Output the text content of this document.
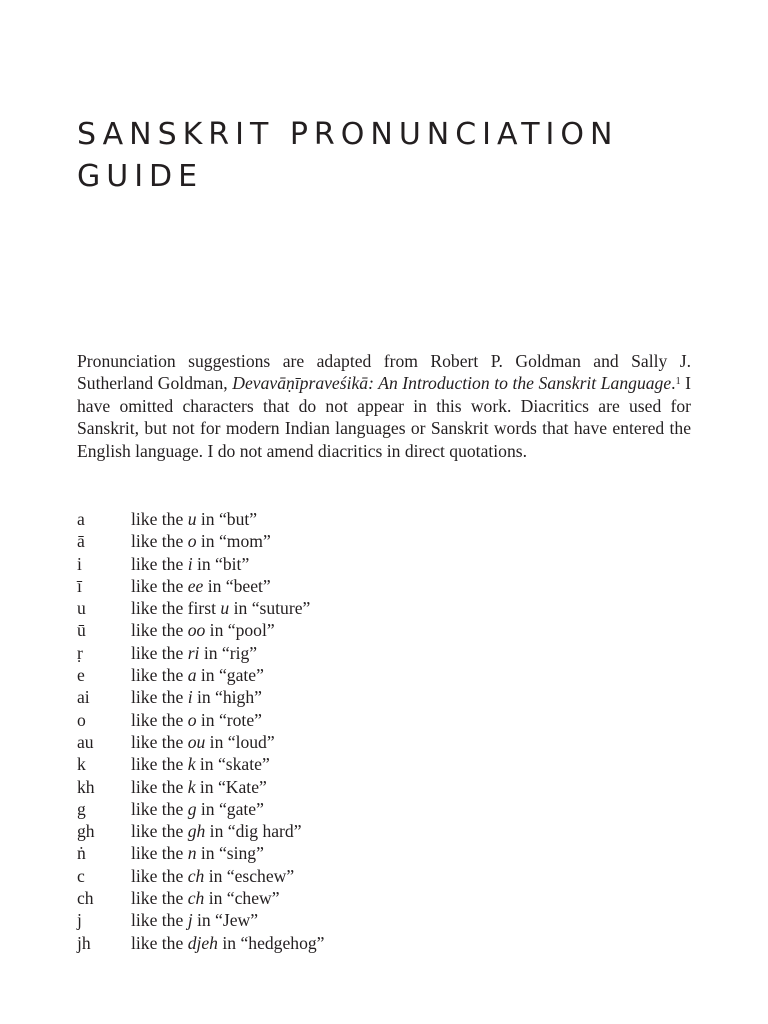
SANSKRIT PRONUNCIATION
GUIDE

Pronunciation suggestions are adapted from Robert P. Goldman and Sally J. Sutherland Goldman, Devavāṇīpraveśikā: An Introduction to the Sanskrit Language.$^1$ I have omitted characters that do not appear in this work. Diacritics are used for Sanskrit, but not for modern Indian languages or Sanskrit words that have entered the English language. I do not amend diacritics in direct quotations.

a	like the u in “but”
ā	like the o in “mom”
i	like the i in “bit”
ī	like the ee in “beet”
u	like the first u in “suture”
ū	like the oo in “pool”
ṛ	like the ri in “rig”
e	like the a in “gate”
ai	like the i in “high”
o	like the o in “rote”
au	like the ou in “loud”
k	like the k in “skate”
kh	like the k in “Kate”
g	like the g in “gate”
gh	like the gh in “dig hard”
ṅ	like the n in “sing”
c	like the ch in “eschew”
ch	like the ch in “chew”
j	like the j in “Jew”
jh	like the djeh in “hedgehog”
